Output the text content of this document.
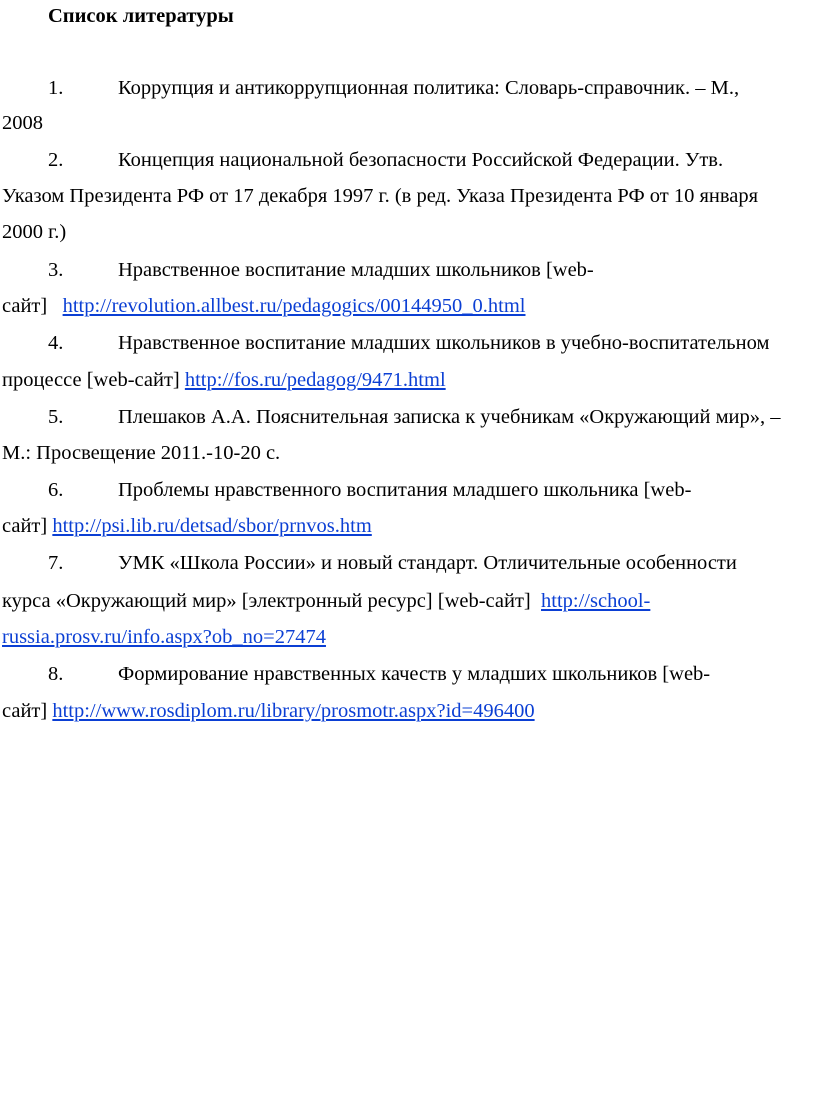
Список литературы
1.	Коррупция и антикоррупционная политика: Словарь-справочник. – М.,
2008
2.	Концепция национальной безопасности Российской Федерации. Утв.
Указом Президента РФ от 17 декабря 1997 г. (в ред. Указа Президента РФ от 10 января
2000 г.)
3.	Нравственное воспитание младших школьников [web-
сайт] http://revolution.allbest.ru/pedagogics/00144950_0.html
4.	Нравственное воспитание младших школьников в учебно-воспитательном
процессе [web-сайт] http://fos.ru/pedagog/9471.html
5.	Плешаков А.А. Пояснительная записка к учебникам «Окружающий мир», –
М.: Просвещение 2011.-10-20 с.
6.	Проблемы нравственного воспитания младшего школьника [web-
сайт] http://psi.lib.ru/detsad/sbor/prnvos.htm
7.	УМК «Школа России» и новый стандарт. Отличительные особенности
курса «Окружающий мир» [электронный ресурс] [web-сайт] http://school-
russia.prosv.ru/info.aspx?ob_no=27474
8.	Формирование нравственных качеств у младших школьников [web-
сайт] http://www.rosdiplom.ru/library/prosmotr.aspx?id=496400
